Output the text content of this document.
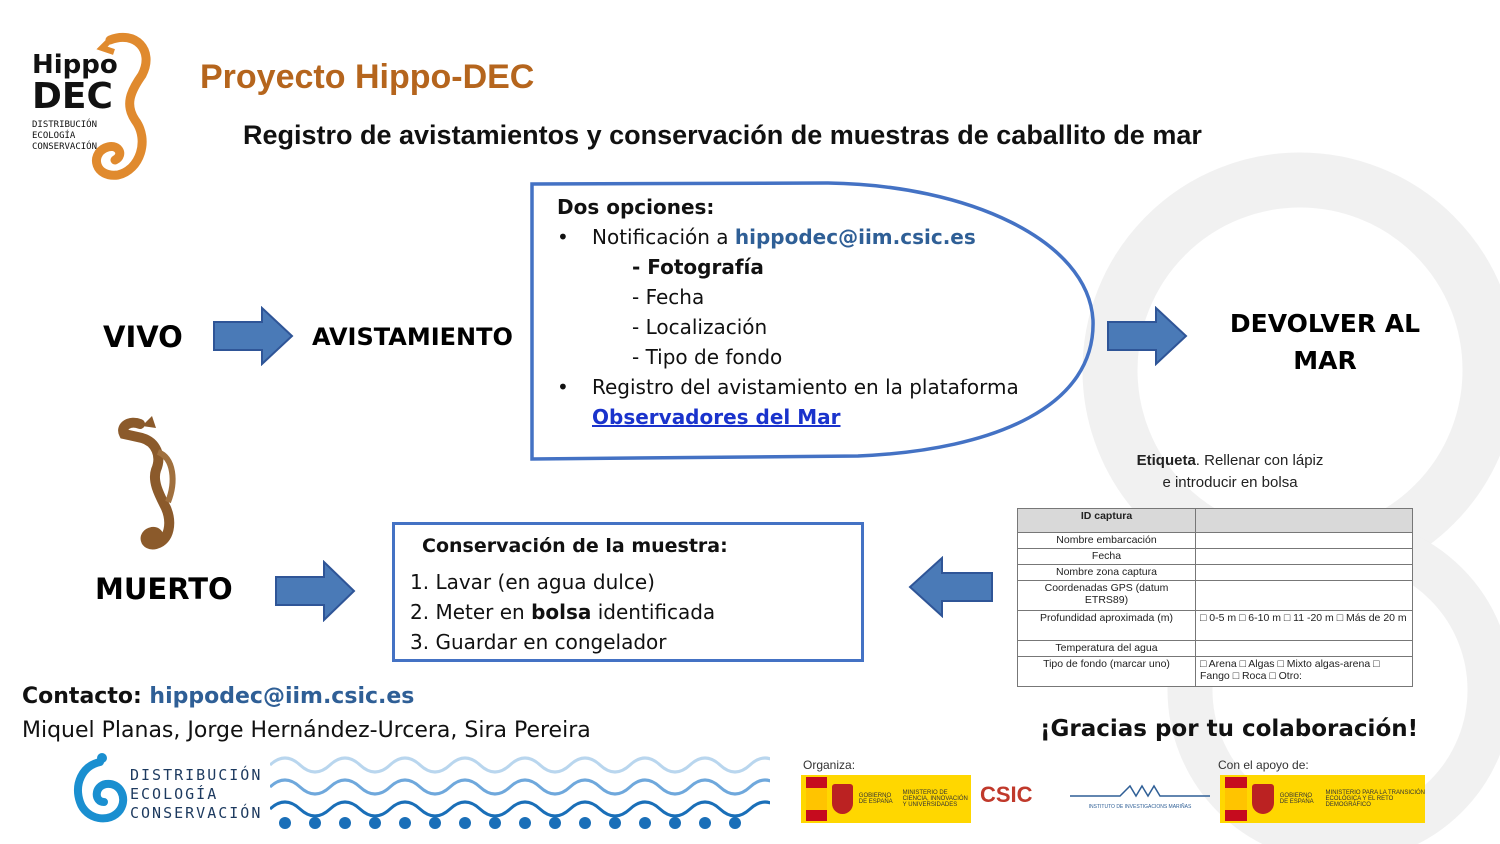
Hippo
DEC
DISTRIBUCIÓN
ECOLOGÍA
CONSERVACIÓN
Proyecto Hippo-DEC
Registro de avistamientos y conservación de muestras de caballito de mar
VIVO	AVISTAMIENTO	DEVOLVER AL
MAR
MUERTO
Dos opciones:
•	Notificación a hippodec@iim.csic.es
- Fotografía
- Fecha
- Localización
- Tipo de fondo
•	Registro del avistamiento en la plataforma
Observadores del Mar
Conservación de la muestra:
1. Lavar (en agua dulce)
2. Meter en bolsa identificada
3. Guardar en congelador
Etiqueta. Rellenar con lápiz
e introducir en bolsa
ID captura	
Nombre embarcación	
Fecha	
Nombre zona captura	
Coordenadas GPS (datum ETRS89)	
Profundidad aproximada (m)	□ 0-5 m □ 6-10 m □ 11 -20 m □ Más de 20 m
Temperatura del agua	
Tipo de fondo (marcar uno)	□ Arena □ Algas □ Mixto algas-arena □ Fango □ Roca □ Otro:
Contacto: hippodec@iim.csic.es
Miquel Planas, Jorge Hernández-Urcera, Sira Pereira	¡Gracias por tu colaboración!
DISTRIBUCIÓN
ECOLOGÍA
CONSERVACIÓN
Organiza:
GOBIERNO DE ESPAÑA
MINISTERIO DE CIENCIA, INNOVACIÓN Y UNIVERSIDADES	CSIC	INSTITUTO DE INVESTIGACIONS MARIÑAS
Con el apoyo de:
GOBIERNO DE ESPAÑA
MINISTERIO PARA LA TRANSICIÓN ECOLÓGICA Y EL RETO DEMOGRÁFICO
